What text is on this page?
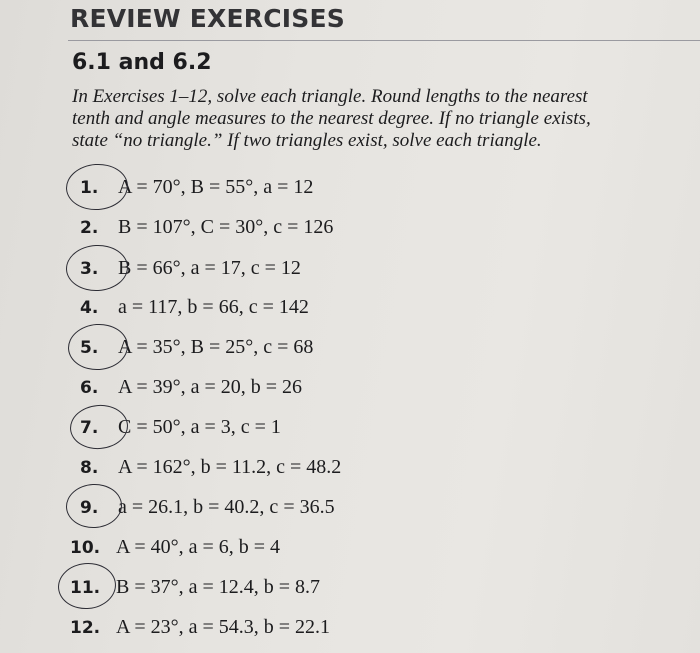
REVIEW EXERCISES
6.1 and 6.2
In Exercises 1–12, solve each triangle. Round lengths to the nearest
tenth and angle measures to the nearest degree. If no triangle exists,
state “no triangle.” If two triangles exist, solve each triangle.
1. A = 70°, B = 55°, a = 12
2. B = 107°, C = 30°, c = 126
3. B = 66°, a = 17, c = 12
4. a = 117, b = 66, c = 142
5. A = 35°, B = 25°, c = 68
6. A = 39°, a = 20, b = 26
7. C = 50°, a = 3, c = 1
8. A = 162°, b = 11.2, c = 48.2
9. a = 26.1, b = 40.2, c = 36.5
10. A = 40°, a = 6, b = 4
11. B = 37°, a = 12.4, b = 8.7
12. A = 23°, a = 54.3, b = 22.1
